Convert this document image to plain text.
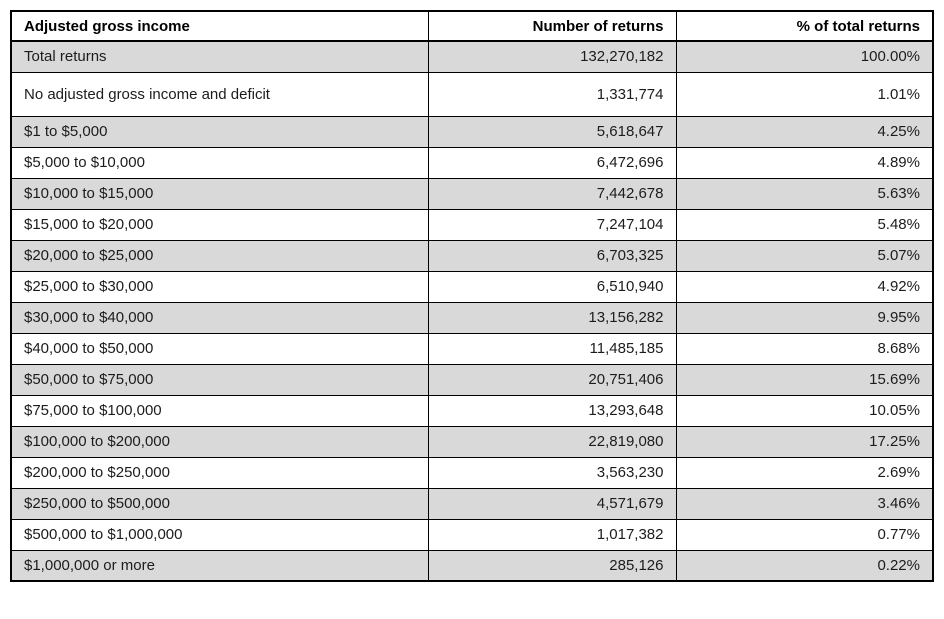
Adjusted gross income	Number of returns	% of total returns
Total returns	132,270,182	100.00%
No adjusted gross income and deficit	1,331,774	1.01%
$1 to $5,000	5,618,647	4.25%
$5,000 to $10,000	6,472,696	4.89%
$10,000 to $15,000	7,442,678	5.63%
$15,000 to $20,000	7,247,104	5.48%
$20,000 to $25,000	6,703,325	5.07%
$25,000 to $30,000	6,510,940	4.92%
$30,000 to $40,000	13,156,282	9.95%
$40,000 to $50,000	11,485,185	8.68%
$50,000 to $75,000	20,751,406	15.69%
$75,000 to $100,000	13,293,648	10.05%
$100,000 to $200,000	22,819,080	17.25%
$200,000 to $250,000	3,563,230	2.69%
$250,000 to $500,000	4,571,679	3.46%
$500,000 to $1,000,000	1,017,382	0.77%
$1,000,000 or more	285,126	0.22%
